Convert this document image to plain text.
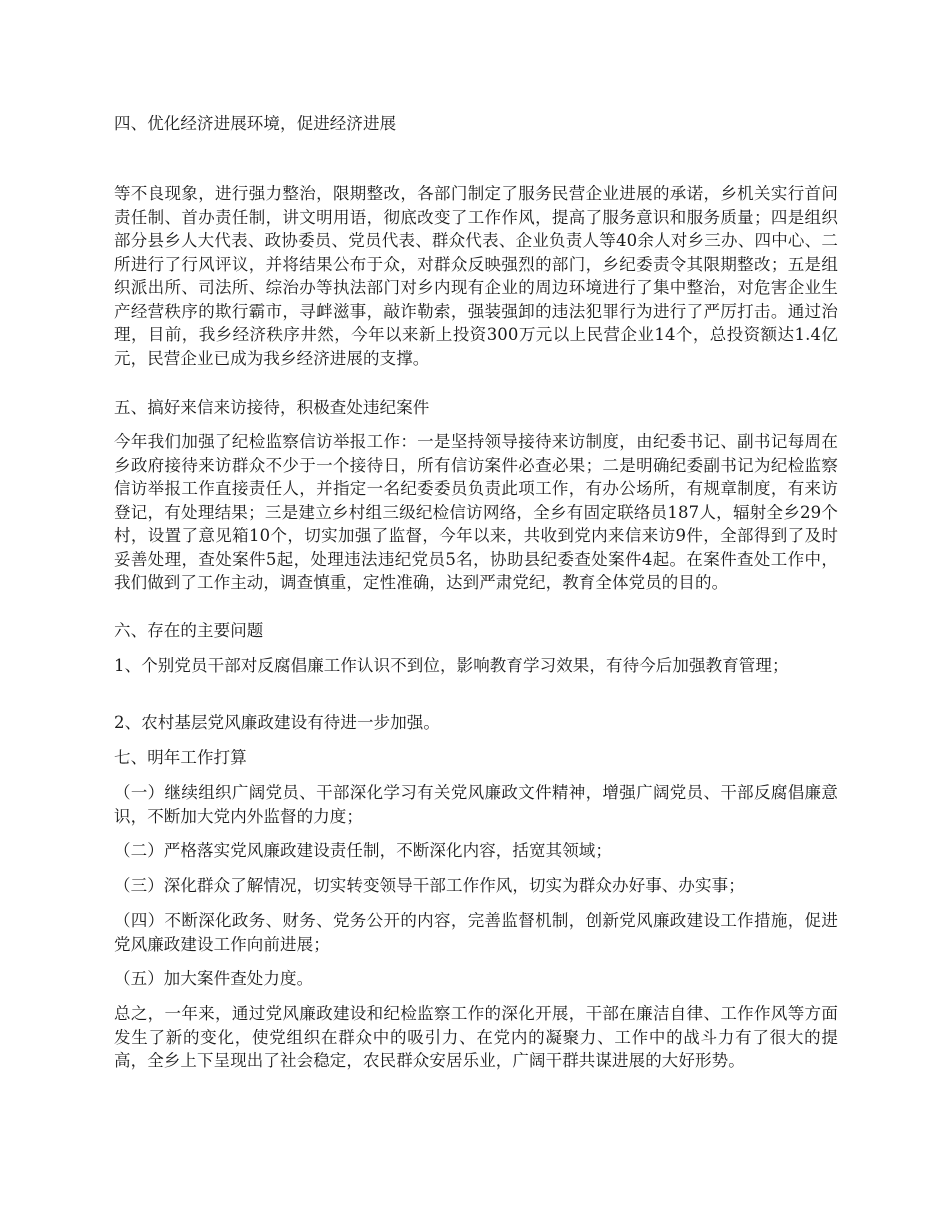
四、优化经济进展环境，促进经济进展

等不良现象，进行强力整治，限期整改，各部门制定了服务民营企业进展的承诺，乡机关实行首问责任制、首办责任制，讲文明用语，彻底改变了工作作风，提高了服务意识和服务质量；四是组织部分县乡人大代表、政协委员、党员代表、群众代表、企业负责人等40余人对乡三办、四中心、二所进行了行风评议，并将结果公布于众，对群众反映强烈的部门，乡纪委责令其限期整改；五是组织派出所、司法所、综治办等执法部门对乡内现有企业的周边环境进行了集中整治，对危害企业生产经营秩序的欺行霸市，寻衅滋事，敲诈勒索，强装强卸的违法犯罪行为进行了严厉打击。通过治理，目前，我乡经济秩序井然，今年以来新上投资300万元以上民营企业14个，总投资额达1.4亿元，民营企业已成为我乡经济进展的支撑。

五、搞好来信来访接待，积极查处违纪案件

今年我们加强了纪检监察信访举报工作：一是坚持领导接待来访制度，由纪委书记、副书记每周在乡政府接待来访群众不少于一个接待日，所有信访案件必查必果；二是明确纪委副书记为纪检监察信访举报工作直接责任人，并指定一名纪委委员负责此项工作，有办公场所，有规章制度，有来访登记，有处理结果；三是建立乡村组三级纪检信访网络，全乡有固定联络员187人，辐射全乡29个村，设置了意见箱10个，切实加强了监督，今年以来，共收到党内来信来访9件，全部得到了及时妥善处理，查处案件5起，处理违法违纪党员5名，协助县纪委查处案件4起。在案件查处工作中，我们做到了工作主动，调查慎重，定性准确，达到严肃党纪，教育全体党员的目的。

六、存在的主要问题

1、个别党员干部对反腐倡廉工作认识不到位，影响教育学习效果，有待今后加强教育管理；

2、农村基层党风廉政建设有待进一步加强。

七、明年工作打算

（一）继续组织广阔党员、干部深化学习有关党风廉政文件精神，增强广阔党员、干部反腐倡廉意识，不断加大党内外监督的力度；

（二）严格落实党风廉政建设责任制，不断深化内容，括宽其领域；

（三）深化群众了解情况，切实转变领导干部工作作风，切实为群众办好事、办实事；

（四）不断深化政务、财务、党务公开的内容，完善监督机制，创新党风廉政建设工作措施，促进党风廉政建设工作向前进展；

（五）加大案件查处力度。

总之，一年来，通过党风廉政建设和纪检监察工作的深化开展，干部在廉洁自律、工作作风等方面发生了新的变化，使党组织在群众中的吸引力、在党内的凝聚力、工作中的战斗力有了很大的提高，全乡上下呈现出了社会稳定，农民群众安居乐业，广阔干群共谋进展的大好形势。
